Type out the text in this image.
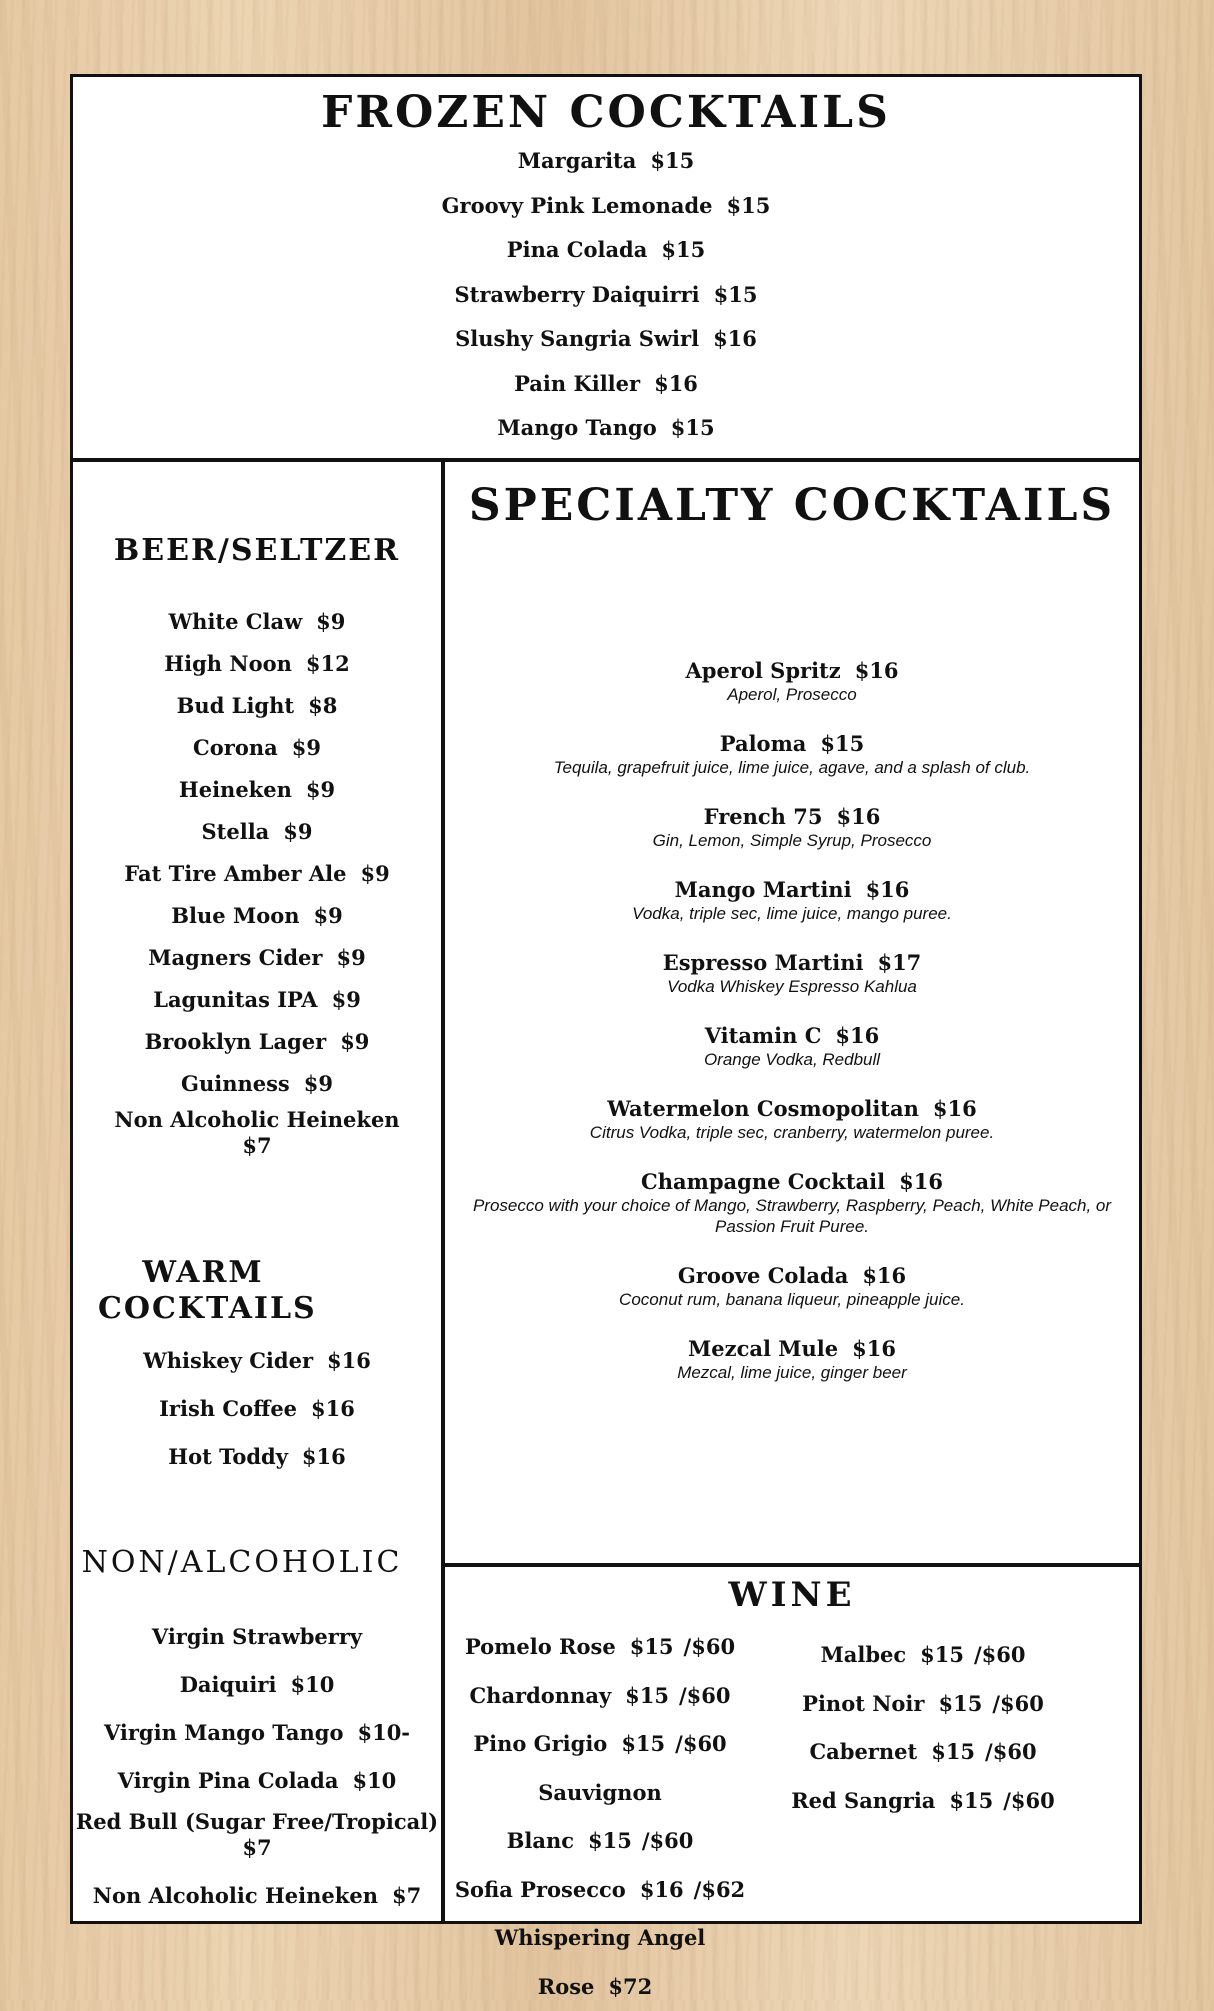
FROZEN COCKTAILS

Margarita $15

Groovy Pink Lemonade $15

Pina Colada $15

Strawberry Daiquirri $15

Slushy Sangria Swirl $16

Pain Killer $16

Mango Tango $15

BEER/SELTZER

White Claw $9

High Noon $12

Bud Light $8

Corona $9

Heineken $9

Stella $9

Fat Tire Amber Ale $9

Blue Moon $9

Magners Cider $9

Lagunitas IPA $9

Brooklyn Lager $9

Guinness $9

Non Alcoholic Heineken
$7

WARM
COCKTAILS

Whiskey Cider $16

Irish Coffee $16

Hot Toddy $16

NON/ALCOHOLIC

Virgin Strawberry Daiquiri $10

Virgin Mango Tango $10-

Virgin Pina Colada $10

Red Bull (Sugar Free/Tropical)
$7

Non Alcoholic Heineken $7

SPECIALTY COCKTAILS

Aperol Spritz $16

Aperol, Prosecco

Paloma $15

Tequila, grapefruit juice, lime juice, agave, and a splash of club.

French 75 $16

Gin, Lemon, Simple Syrup, Prosecco

Mango Martini $16

Vodka, triple sec, lime juice, mango puree.

Espresso Martini $17

Vodka Whiskey Espresso Kahlua

Vitamin C $16

Orange Vodka, Redbull

Watermelon Cosmopolitan $16

Citrus Vodka, triple sec, cranberry, watermelon puree.

Champagne Cocktail $16

Prosecco with your choice of Mango, Strawberry, Raspberry, Peach, White Peach, or Passion Fruit Puree.

Groove Colada $16

Coconut rum, banana liqueur, pineapple juice.

Mezcal Mule $16

Mezcal, lime juice, ginger beer

WINE

Pomelo Rose $15 /$60

Chardonnay $15 /$60

Pino Grigio $15 /$60

Sauvignon Blanc $15 /$60

Sofia Prosecco $16 /$62

Whispering Angel Rose $72

Malbec $15 /$60

Pinot Noir $15 /$60

Cabernet $15 /$60

Red Sangria $15 /$60
